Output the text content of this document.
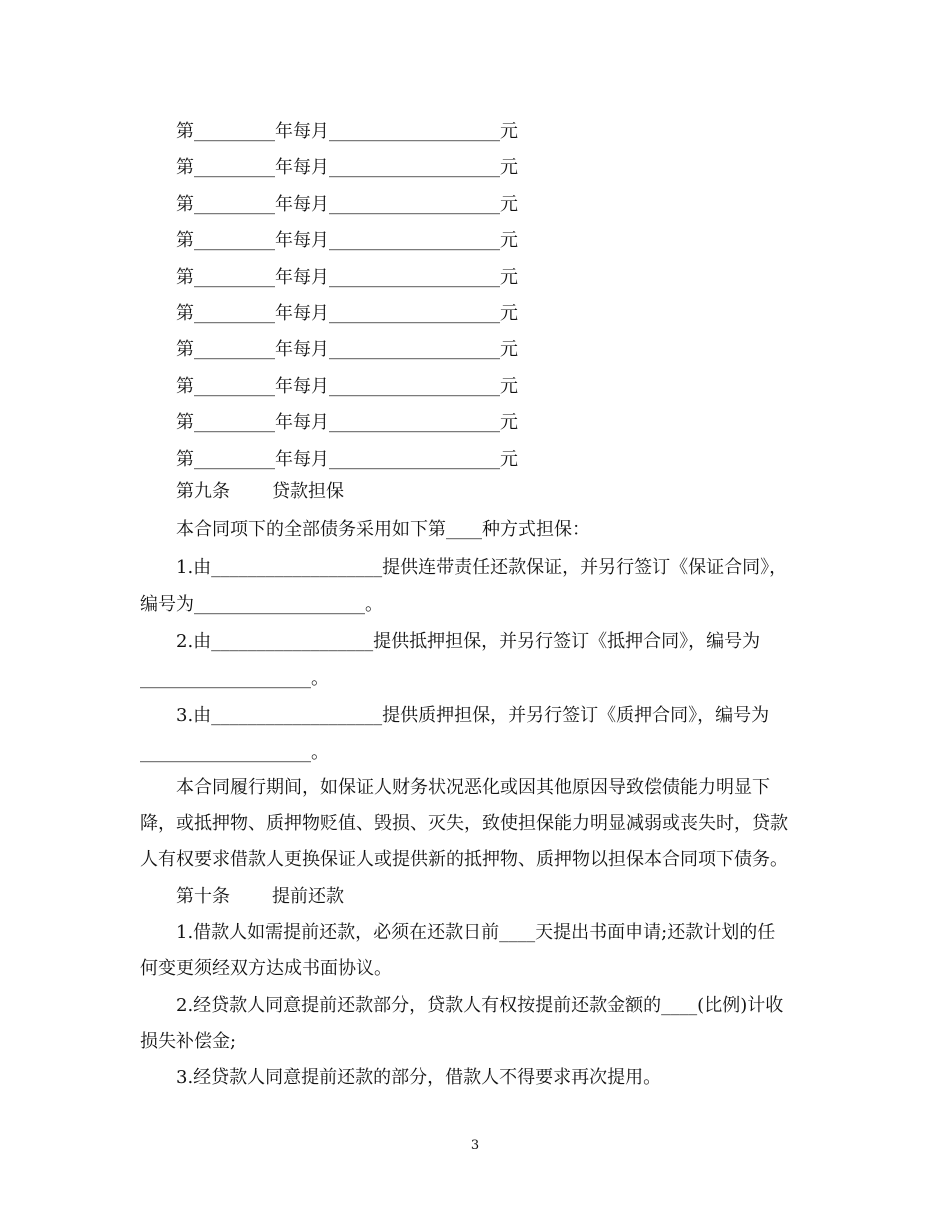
第_________年每月___________________元
第_________年每月___________________元
第_________年每月___________________元
第_________年每月___________________元
第_________年每月___________________元
第_________年每月___________________元
第_________年每月___________________元
第_________年每月___________________元
第_________年每月___________________元
第_________年每月___________________元
第九条 贷款担保
本合同项下的全部债务采用如下第____种方式担保：
1.由___________________提供连带责任还款保证，并另行签订《保证合同》，
编号为___________________。
2.由__________________提供抵押担保，并另行签订《抵押合同》，编号为
___________________。
3.由___________________提供质押担保，并另行签订《质押合同》，编号为
___________________。
本合同履行期间，如保证人财务状况恶化或因其他原因导致偿债能力明显下
降，或抵押物、质押物贬值、毁损、灭失，致使担保能力明显减弱或丧失时，贷款
人有权要求借款人更换保证人或提供新的抵押物、质押物以担保本合同项下债务。
第十条 提前还款
1.借款人如需提前还款，必须在还款日前____天提出书面申请;还款计划的任
何变更须经双方达成书面协议。
2.经贷款人同意提前还款部分，贷款人有权按提前还款金额的____(比例)计收
损失补偿金;
3.经贷款人同意提前还款的部分，借款人不得要求再次提用。
3
